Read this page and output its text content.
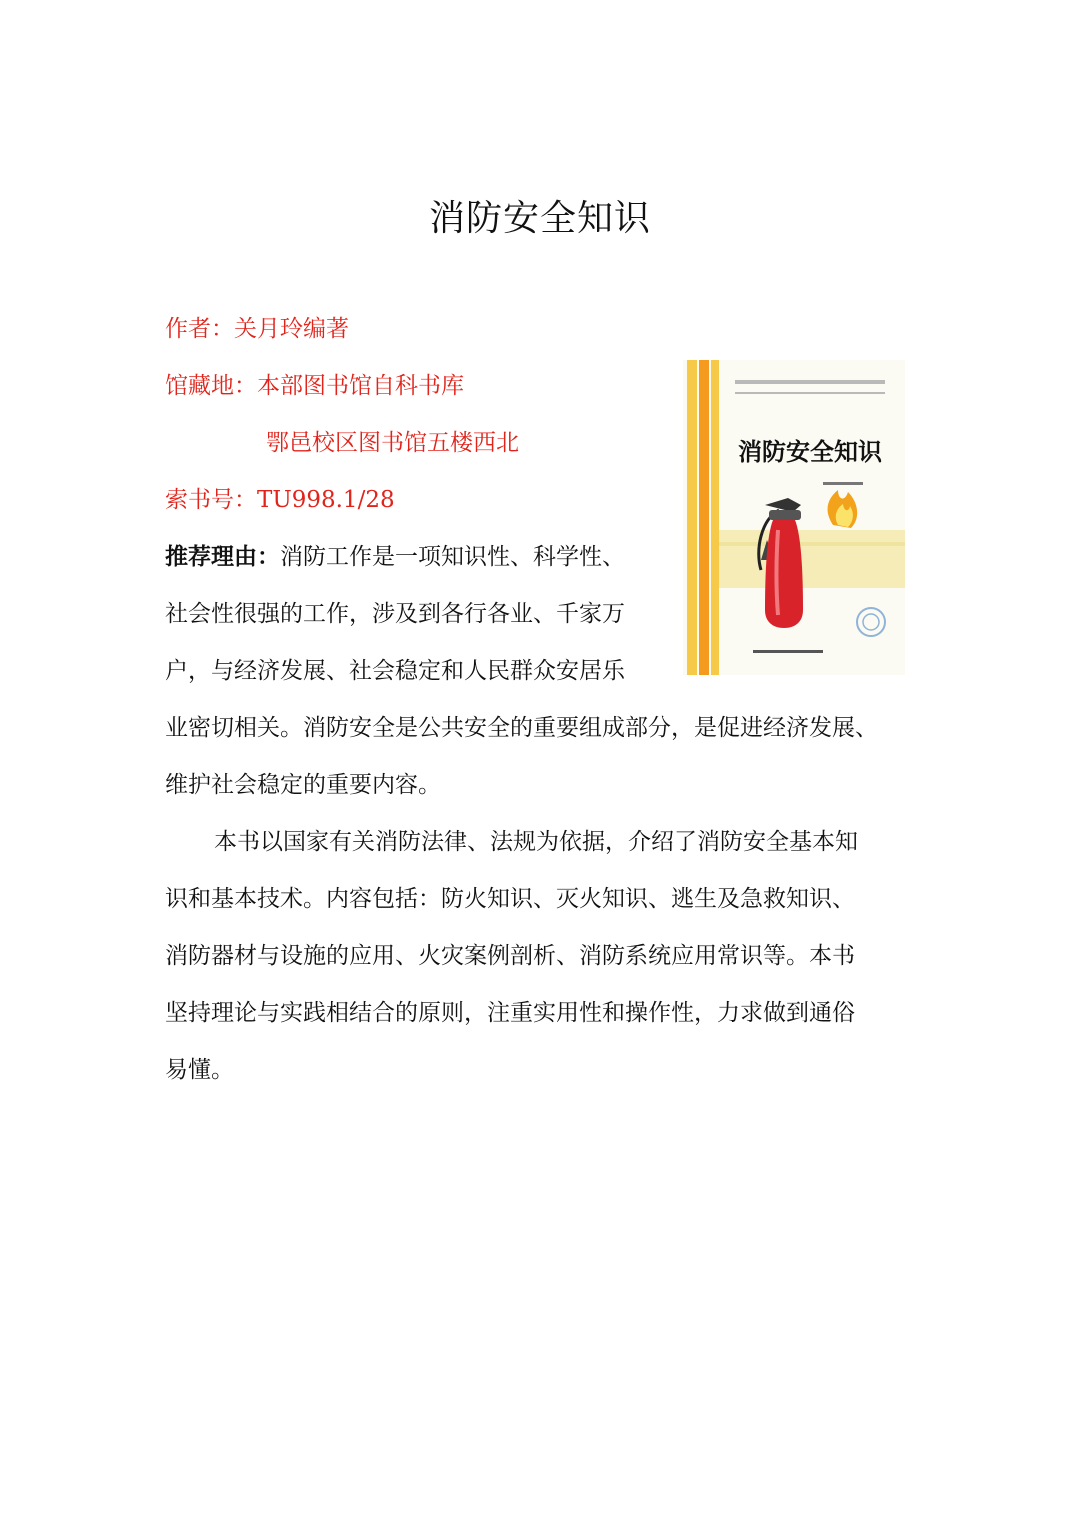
消防安全知识
作者：关月玲编著
馆藏地：本部图书馆自科书库
鄂邑校区图书馆五楼西北
索书号：TU998.1/28
推荐理由：消防工作是一项知识性、科学性、
社会性很强的工作，涉及到各行各业、千家万
户，与经济发展、社会稳定和人民群众安居乐
业密切相关。消防安全是公共安全的重要组成部分，是促进经济发展、
维护社会稳定的重要内容。
本书以国家有关消防法律、法规为依据，介绍了消防安全基本知
识和基本技术。内容包括：防火知识、灭火知识、逃生及急救知识、
消防器材与设施的应用、火灾案例剖析、消防系统应用常识等。本书
坚持理论与实践相结合的原则，注重实用性和操作性，力求做到通俗
易懂。
消防安全知识
